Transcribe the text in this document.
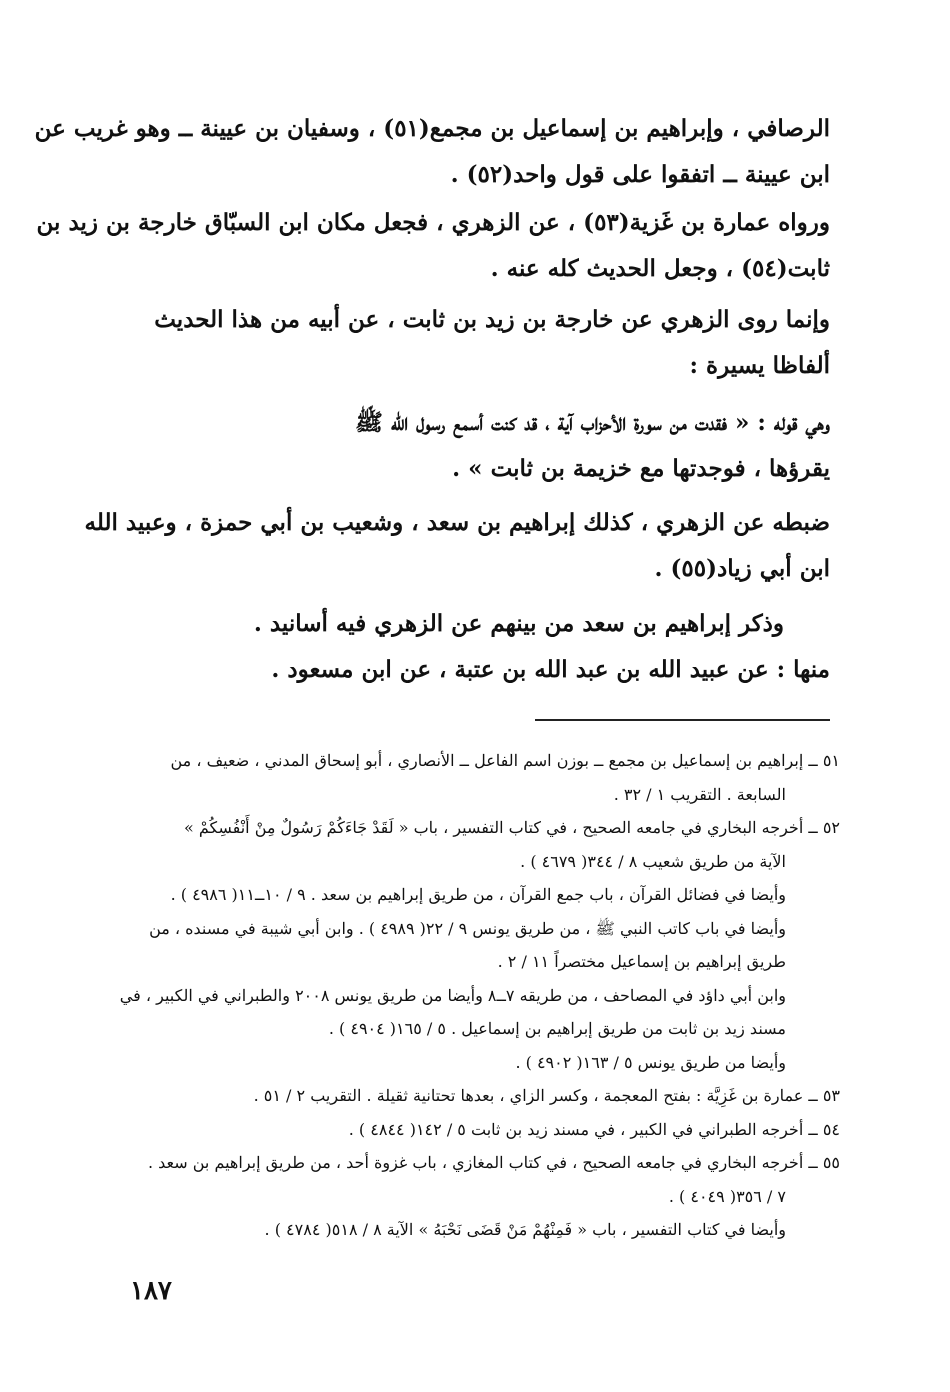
الرصافي ، وإبراهيم بن إسماعيل بن مجمع(٥١) ، وسفيان بن عيينة ــ وهو غريب عن
ابن عيينة ــ اتفقوا على قول واحد(٥٢) .
ورواه عمارة بن غَزية(٥٣) ، عن الزهري ، فجعل مكان ابن السبّاق خارجة بن زيد بن
ثابت(٥٤) ، وجعل الحديث كله عنه .
وإنما روى الزهري عن خارجة بن زيد بن ثابت ، عن أبيه من هذا الحديث
ألفاظا يسيرة :
وهي قوله : « فقدت من سورة الأحزاب آية ، قد كنت أسمع رسول الله ﷺ
يقرؤها ، فوجدتها مع خزيمة بن ثابت » .
ضبطه عن الزهري ، كذلك إبراهيم بن سعد ، وشعيب بن أبي حمزة ، وعبيد الله
ابن أبي زياد(٥٥) .
وذكر إبراهيم بن سعد من بينهم عن الزهري فيه أسانيد .
منها : عن عبيد الله بن عبد الله بن عتبة ، عن ابن مسعود .
٥١ ــ إبراهيم بن إسماعيل بن مجمع ــ بوزن اسم الفاعل ــ الأنصاري ، أبو إسحاق المدني ، ضعيف ، من
السابعة . التقريب ١ / ٣٢ .
٥٢ ــ أخرجه البخاري في جامعه الصحيح ، في كتاب التفسير ، باب « لَقَدْ جَاءَكُمْ رَسُولٌ مِنْ أَنْفُسِكُمْ »
الآية من طريق شعيب ٨ / ٣٤٤( ٤٦٧٩ ) .
وأيضا في فضائل القرآن ، باب جمع القرآن ، من طريق إبراهيم بن سعد . ٩ / ١٠ــ١١( ٤٩٨٦ ) .
وأيضا في باب كاتب النبي ﷺ ، من طريق يونس ٩ / ٢٢( ٤٩٨٩ ) . وابن أبي شيبة في مسنده ، من
طريق إبراهيم بن إسماعيل مختصراً ١١ / ٢ .
وابن أبي داؤد في المصاحف ، من طريقه ٧ــ٨ وأيضا من طريق يونس ٢٠٠٨ والطبراني في الكبير ، في
مسند زيد بن ثابت من طريق إبراهيم بن إسماعيل . ٥ / ١٦٥( ٤٩٠٤ ) .
وأيضا من طريق يونس ٥ / ١٦٣( ٤٩٠٢ ) .
٥٣ ــ عمارة بن غَزِيَّة : بفتح المعجمة ، وكسر الزاي ، بعدها تحتانية ثقيلة . التقريب ٢ / ٥١ .
٥٤ ــ أخرجه الطبراني في الكبير ، في مسند زيد بن ثابت ٥ / ١٤٢( ٤٨٤٤ ) .
٥٥ ــ أخرجه البخاري في جامعه الصحيح ، في كتاب المغازي ، باب غزوة أحد ، من طريق إبراهيم بن سعد .
٧ / ٣٥٦( ٤٠٤٩ ) .
وأيضا في كتاب التفسير ، باب « فَمِنْهُمْ مَنْ قَضَى نَحْبَهُ » الآية ٨ / ٥١٨( ٤٧٨٤ ) .
١٨٧
